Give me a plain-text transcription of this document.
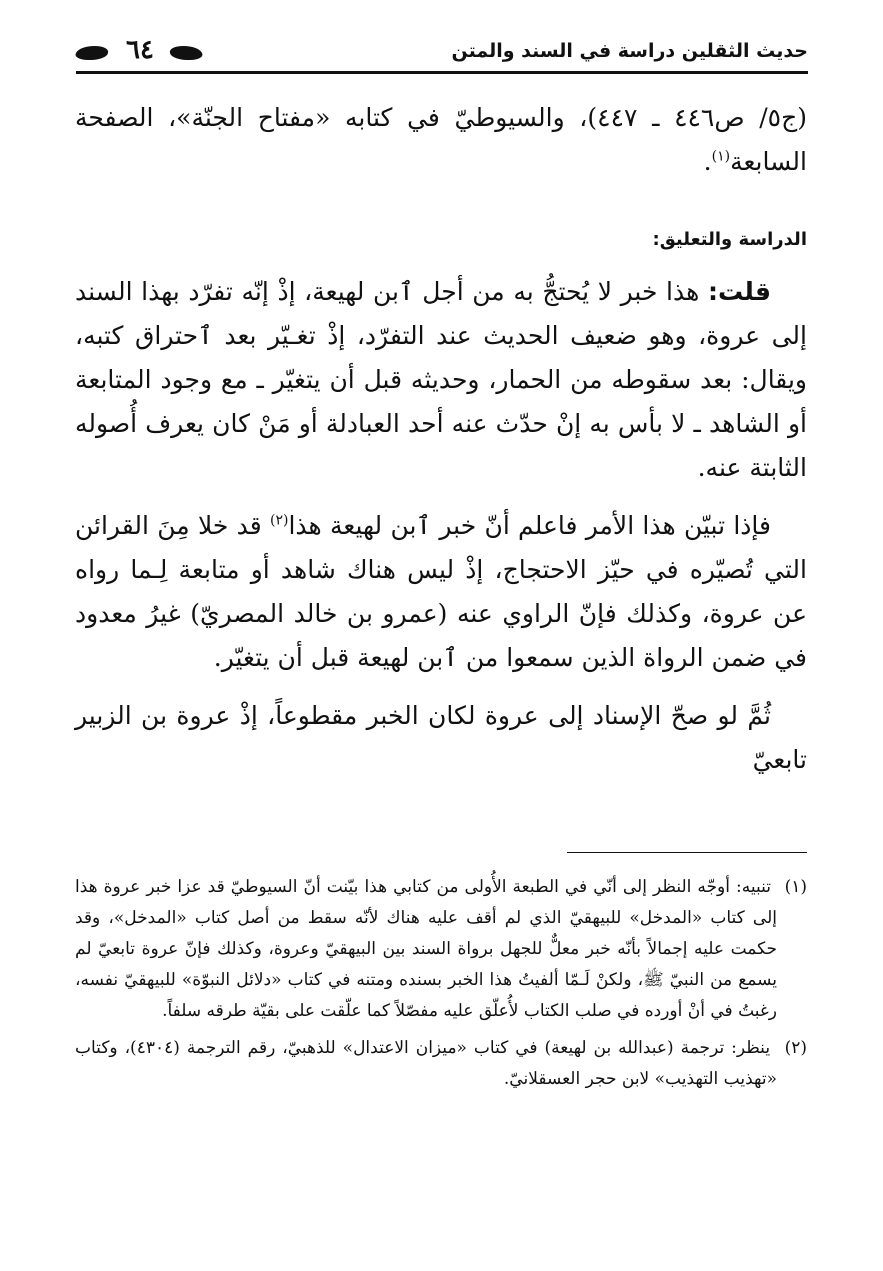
حديث الثقلين دراسة في السند والمتن
٦٤

(ج٥/ ص٤٤٦ ـ ٤٤٧)، والسيوطيّ في كتابه «مفتاح الجنّة»، الصفحة السابعة$^{(١)}$.

الدراسة والتعليق:

قلت: هذا خبر لا يُحتجُّ به من أجل ٱبن لهيعة، إذْ إنّه تفرّد بهذا السند إلى عروة، وهو ضعيف الحديث عند التفرّد، إذْ تغـيّر بعد ٱحتراق كتبه، ويقال: بعد سقوطه من الحمار، وحديثه قبل أن يتغيّر ـ مع وجود المتابعة أو الشاهد ـ لا بأس به إنْ حدّث عنه أحد العبادلة أو مَنْ كان يعرف أُصوله الثابتة عنه.

فإذا تبيّن هذا الأمر فاعلم أنّ خبر ٱبن لهيعة هذا$^{(٢)}$ قد خلا مِنَ القرائن التي تُصيّره في حيّز الاحتجاج، إذْ ليس هناك شاهد أو متابعة لِـما رواه عن عروة، وكذلك فإنّ الراوي عنه (عمرو بن خالد المصريّ) غيرُ معدود في ضمن الرواة الذين سمعوا من ٱبن لهيعة قبل أن يتغيّر.

ثُمَّ لو صحّ الإسناد إلى عروة لكان الخبر مقطوعاً، إذْ عروة بن الزبير تابعيّ

(١) تنبيه: أوجّه النظر إلى أنّي في الطبعة الأُولى من كتابي هذا بيّنت أنّ السيوطيّ قد عزا خبر عروة هذا إلى كتاب «المدخل» للبيهقيّ الذي لم أقف عليه هناك لأنّه سقط من أصل كتاب «المدخل»، وقد حكمت عليه إجمالاً بأنّه خبر معلٌّ للجهل برواة السند بين البيهقيّ وعروة، وكذلك فإنّ عروة تابعيّ لم يسمع من النبيّ ﷺ، ولكنْ لَـمّا ألفيتُ هذا الخبر بسنده ومتنه في كتاب «دلائل النبوّة» للبيهقيّ نفسه، رغبتُ في أنْ أورده في صلب الكتاب لأُعلّق عليه مفصّلاً كما علّقت على بقيّة طرقه سلفاً.

(٢) ينظر: ترجمة (عبدالله بن لهيعة) في كتاب «ميزان الاعتدال» للذهبيّ، رقم الترجمة (٤٣٠٤)، وكتاب «تهذيب التهذيب» لابن حجر العسقلانيّ.
